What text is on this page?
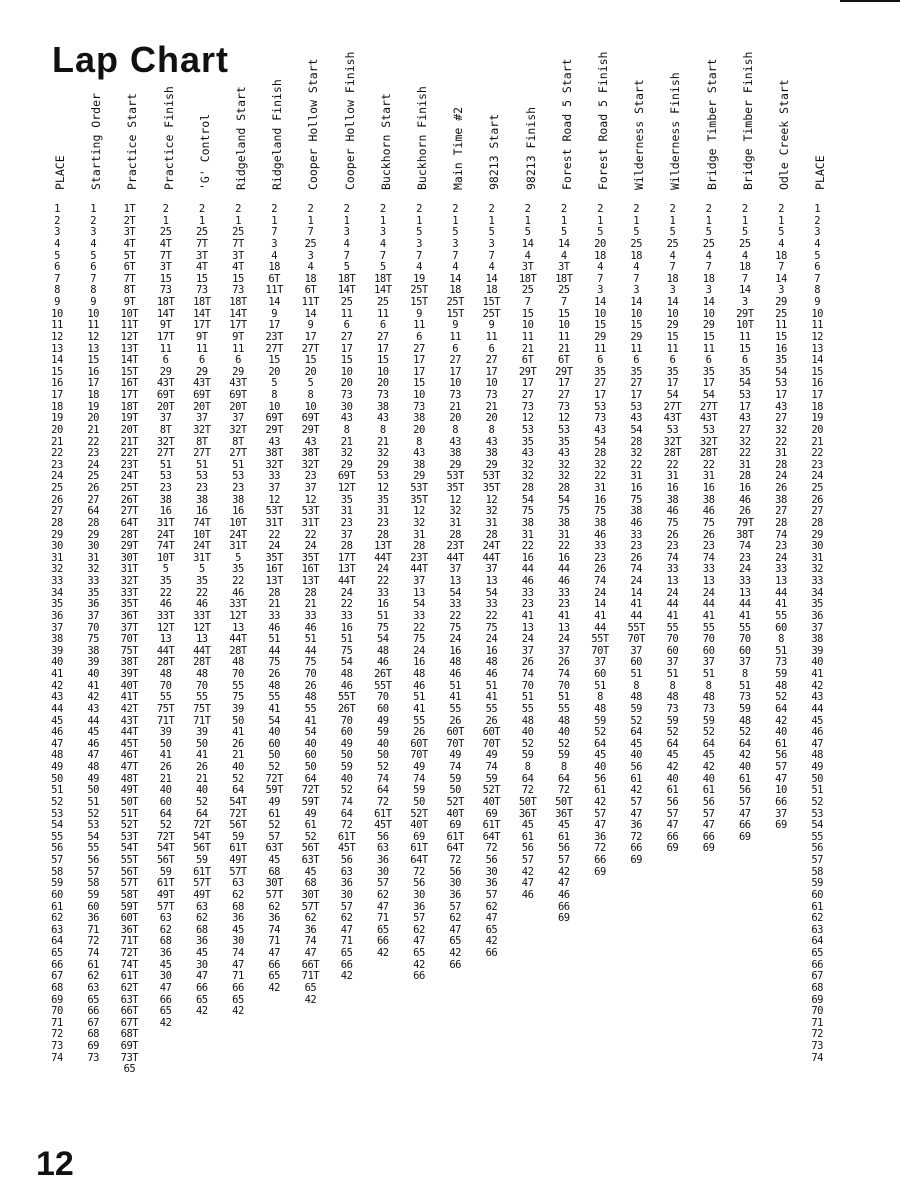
Lap Chart
PLACE Starting Order Practice Start Practice Finish 'G' Control Ridgeland Start Ridgeland Finish Cooper Hollow Start Cooper Hollow Finish Buckhorn Start Buckhorn Finish Main Time #2 98213 Start 98213 Finish Forest Road 5 Start Forest Road 5 Finish Wilderness Start Wilderness Finish Bridge Timber Start Bridge Timber Finish Odle Creek Start PLACE
1
2
3
4
5
6
7
8
9
10
11
12
13
14
15
16
17
18
19
20
21
22
23
24
25
26
27
28
29
30
31
32
33
34
35
36
37
38
39
40
41
42
43
44
45
46
47
48
49
50
51
52
53
54
55
56
57
58
59
60
61
62
63
64
65
66
67
68
69
70
71
72
73
74
1
2
3
4
5
6
7
8
9
10
11
12
13
15
16
17
18
19
20
21
22
23
24
25
26
27
64
28
29
30
31
32
33
35
36
37
70
75
38
39
40
41
42
43
44
45
46
47
48
49
50
51
52
53
54
55
56
57
58
59
60
36
71
72
74
61
62
63
65
66
67
68
69
73
1T
2T
3T
4T
5T
6T
7T
8T
9T
10T
11T
12T
13T
14T
15T
16T
17T
18T
19T
20T
21T
22T
23T
24T
25T
26T
27T
64T
28T
29T
30T
31T
32T
33T
35T
36T
37T
70T
75T
38T
39T
40T
41T
42T
43T
44T
45T
46T
47T
48T
49T
50T
51T
52T
53T
54T
55T
56T
57T
58T
59T
60T
36T
71T
72T
74T
61T
62T
63T
66T
67T
68T
69T
73T
65
2
1
25
4T
7T
3T
15
73
18T
14T
9T
17T
11
6
29
43T
69T
20T
37
8T
32T
27T
51
53
23
38
16
31T
24T
74T
10T
5
35
22
46
33T
12T
13
44T
28T
48
70
55
75T
71T
39
50
41
26
21
40
60
64
52
72T
54T
56T
59
61T
49T
57T
63
62
68
36
45
30
47
66
65
42
2
1
25
7T
3T
4T
15
73
18T
14T
17T
9T
11
6
29
43T
69T
20T
37
32T
8T
27T
51
53
23
38
16
74T
10T
24T
31T
5
35
22
46
33T
12T
13
44T
28T
48
70
55
75T
71T
39
50
41
26
21
40
52
64
72T
54T
56T
59
61T
57T
49T
63
62
68
36
45
30
47
66
65
42
2
1
25
7T
3T
4T
15
73
18T
14T
17T
9T
11
6
29
43T
69T
20T
37
32T
8T
27T
51
53
23
38
16
10T
24T
31T
5
35
22
46
33T
12T
13
44T
28T
48
70
55
75
39
50
41
26
21
40
52
64
54T
72T
56T
59
61T
49T
57T
63
62
68
36
45
30
74
47
71
66
65
42
2
1
7
3
4
18
6T
11T
14
9
17
23T
27T
15
20
5
8
10
69T
29T
43
38T
32T
33
37
12
53T
31T
22
24
35T
16T
13T
28
21
33
46
51
44
75
26
48
55
41
54
40
60
50
52
72T
59T
49
61
52
57
63T
45
68
30T
57T
62
36
74
71
47
66
65
42
2
1
7
25
3
4
18
6T
11T
14
9
17
27T
15
20
5
8
10
69T
29T
43
38T
32T
23
37
12
53T
31T
22
24
35T
16T
13T
28
21
33
46
51
44
75
70
26
48
55
41
54
40
60
50
64
72T
59T
49
61
52
56T
63T
45
68
30T
57T
62
36
74
47
66T
71T
65
42
2
1
3
4
7
5
18T
14T
25
11
6
27
17
15
10
20
73
30
43
8
21
32
29
69T
12T
35
31
23
37
28
17T
13T
44T
24
22
33
16
51
75
54
48
46
55T
26T
70
60
49
50
59
40
52
74
64
72
61T
45T
56
63
36
30
57
62
47
71
65
66
42
2
1
3
4
7
5
18T
14T
25
11
6
27
17
15
10
20
73
38
43
8
21
32
29
53
12
35
31
23
28
13T
44T
24
22
33
16
51
75
54
48
46
26T
55T
70
60
49
59
40
50
52
74
64
72
61T
45T
56
63
36
30
57
62
47
71
65
66
42
2
1
5
3
7
4
19
25T
15T
9
11
6
27
17
17
15
10
73
38
20
8
43
38
29
53T
35T
12
32
31
28
23T
44T
37
13
54
33
22
75
24
16
48
46
51
41
55
26
60T
70T
49
74
59
50
52T
40T
69
61T
64T
72
56
30
36
57
62
47
65
42
66
2
1
5
3
7
4
14
18
25T
15T
9
11
6
27
17
10
73
21
20
8
43
38
29
53T
35T
12
32
31
28
23T
44T
37
13
54
33
22
75
24
16
48
46
51
41
55
26
60T
70T
49
74
59
50
52T
40T
69
61T
64T
72
56
30
36
57
62
47
65
42
66
2
1
5
3
7
4
14
18
15T
25T
9
11
6
27
17
10
73
21
20
8
43
38
29
53T
35T
12
32
31
28
24T
44T
37
13
54
33
22
75
24
16
48
46
51
41
55
26
60T
70T
49
74
59
52T
40T
69
61T
64T
72
56
30
36
57
62
47
65
42
66
2
1
5
14
4
3T
18T
25
7
15
10
11
21
6T
29T
17
27
73
12
53
35
43
32
32
28
54
75
38
31
22
16
44
46
33
23
41
13
24
37
26
74
70
51
55
48
40
52
59
8
64
72
50T
36T
45
61
56
57
42
47
46
2
1
5
14
4
3T
18T
25
7
15
10
11
21
6T
29T
17
27
73
12
53
35
43
32
32
28
54
75
38
31
22
16
44
46
33
23
41
13
24
37
26
74
70
51
55
48
40
52
59
8
64
72
50T
36T
45
61
56
57
42
47
46
66
69
2
1
5
20
18
4
7
3
14
10
15
29
11
6
35
27
17
53
73
43
54
28
32
22
31
16
75
38
46
33
23
26
74
24
14
41
44
55T
70T
37
60
51
8
48
59
52
64
45
40
56
61
42
57
47
36
72
66
69
2
1
5
25
18
4
7
3
14
10
15
29
11
6
35
27
17
53
43
54
28
32
22
31
16
75
38
46
33
23
26
74
24
14
41
44
55T
70T
37
60
51
8
48
59
52
64
45
40
56
61
42
57
47
36
72
66
69
2
1
5
25
4
7
18
3
14
10
29
15
11
6
35
17
54
27T
43T
53
32T
28T
22
31
16
38
46
75
26
23
74
33
13
24
44
41
55
70
60
37
51
8
48
73
59
52
64
45
42
40
61
56
57
47
66
69
2
1
5
25
4
7
18
3
14
10
29
15
11
6
35
17
54
27T
43T
53
32T
28T
22
31
16
38
46
75
26
23
74
33
13
24
44
41
55
70
60
37
51
8
48
73
59
52
64
45
42
40
61
56
57
47
66
69
2
1
5
25
4
18
7
14
3
29T
10T
11
15
6
35
54
53
17
43
27
32
22
31
28
16
46
26
79T
38T
74
23
24
33
13
44
41
55
70
60
37
8
51
73
59
48
52
64
42
40
61
56
57
47
66
69
2
1
5
4
18
7
14
3
29
25
11
15
16
35
54
53
17
43
27
32
22
31
28
24
26
38
27
28
74
23
24
33
13
44
41
55
60
8
51
73
59
48
52
64
42
40
61
56
57
47
10
66
37
69
1
2
3
4
5
6
7
8
9
10
11
12
13
14
15
16
17
18
19
20
21
22
23
24
25
26
27
28
29
30
31
32
33
34
35
36
37
38
39
40
41
42
43
44
45
46
47
48
49
50
51
52
53
54
55
56
57
58
59
60
61
62
63
64
65
66
67
68
69
70
71
72
73
74
12
